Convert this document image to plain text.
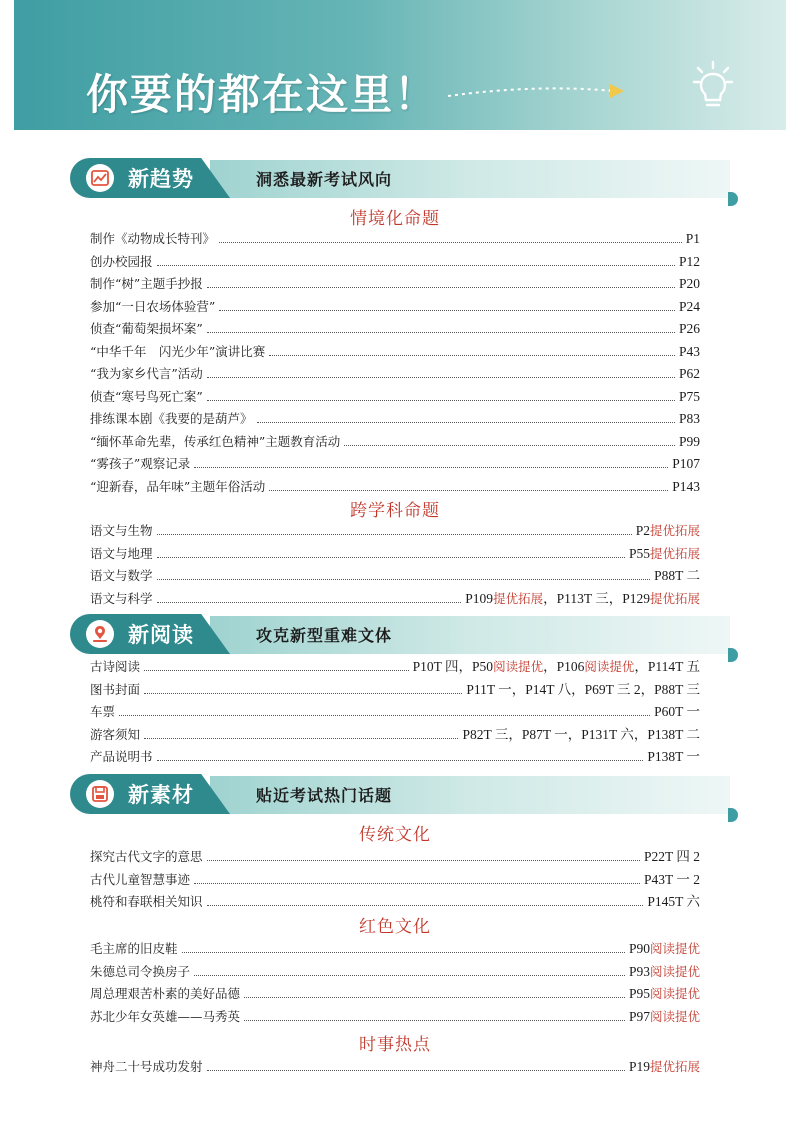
你要的都在这里！
新趋势	洞悉最新考试风向
情境化命题
制作《动物成长特刊》	P1
创办校园报	P12
制作“树”主题手抄报	P20
参加“一日农场体验营”	P24
侦查“葡萄架损坏案”	P26
“中华千年　闪光少年”演讲比赛	P43
“我为家乡代言”活动	P62
侦查“寒号鸟死亡案”	P75
排练课本剧《我要的是葫芦》	P83
“缅怀革命先辈，传承红色精神”主题教育活动	P99
“雾孩子”观察记录	P107
“迎新春，品年味”主题年俗活动	P143
跨学科命题
语文与生物	P2提优拓展
语文与地理	P55提优拓展
语文与数学	P88T 二
语文与科学	P109提优拓展，P113T 三，P129提优拓展
新阅读	攻克新型重难文体
古诗阅读	P10T 四，P50阅读提优，P106阅读提优，P114T 五
图书封面	P11T 一，P14T 八，P69T 三 2，P88T 三
车票	P60T 一
游客须知	P82T 三，P87T 一，P131T 六，P138T 二
产品说明书	P138T 一
新素材	贴近考试热门话题
传统文化
探究古代文字的意思	P22T 四 2
古代儿童智慧事迹	P43T 一 2
桃符和春联相关知识	P145T 六
红色文化
毛主席的旧皮鞋	P90阅读提优
朱德总司令换房子	P93阅读提优
周总理艰苦朴素的美好品德	P95阅读提优
苏北少年女英雄——马秀英	P97阅读提优
时事热点
神舟二十号成功发射	P19提优拓展
